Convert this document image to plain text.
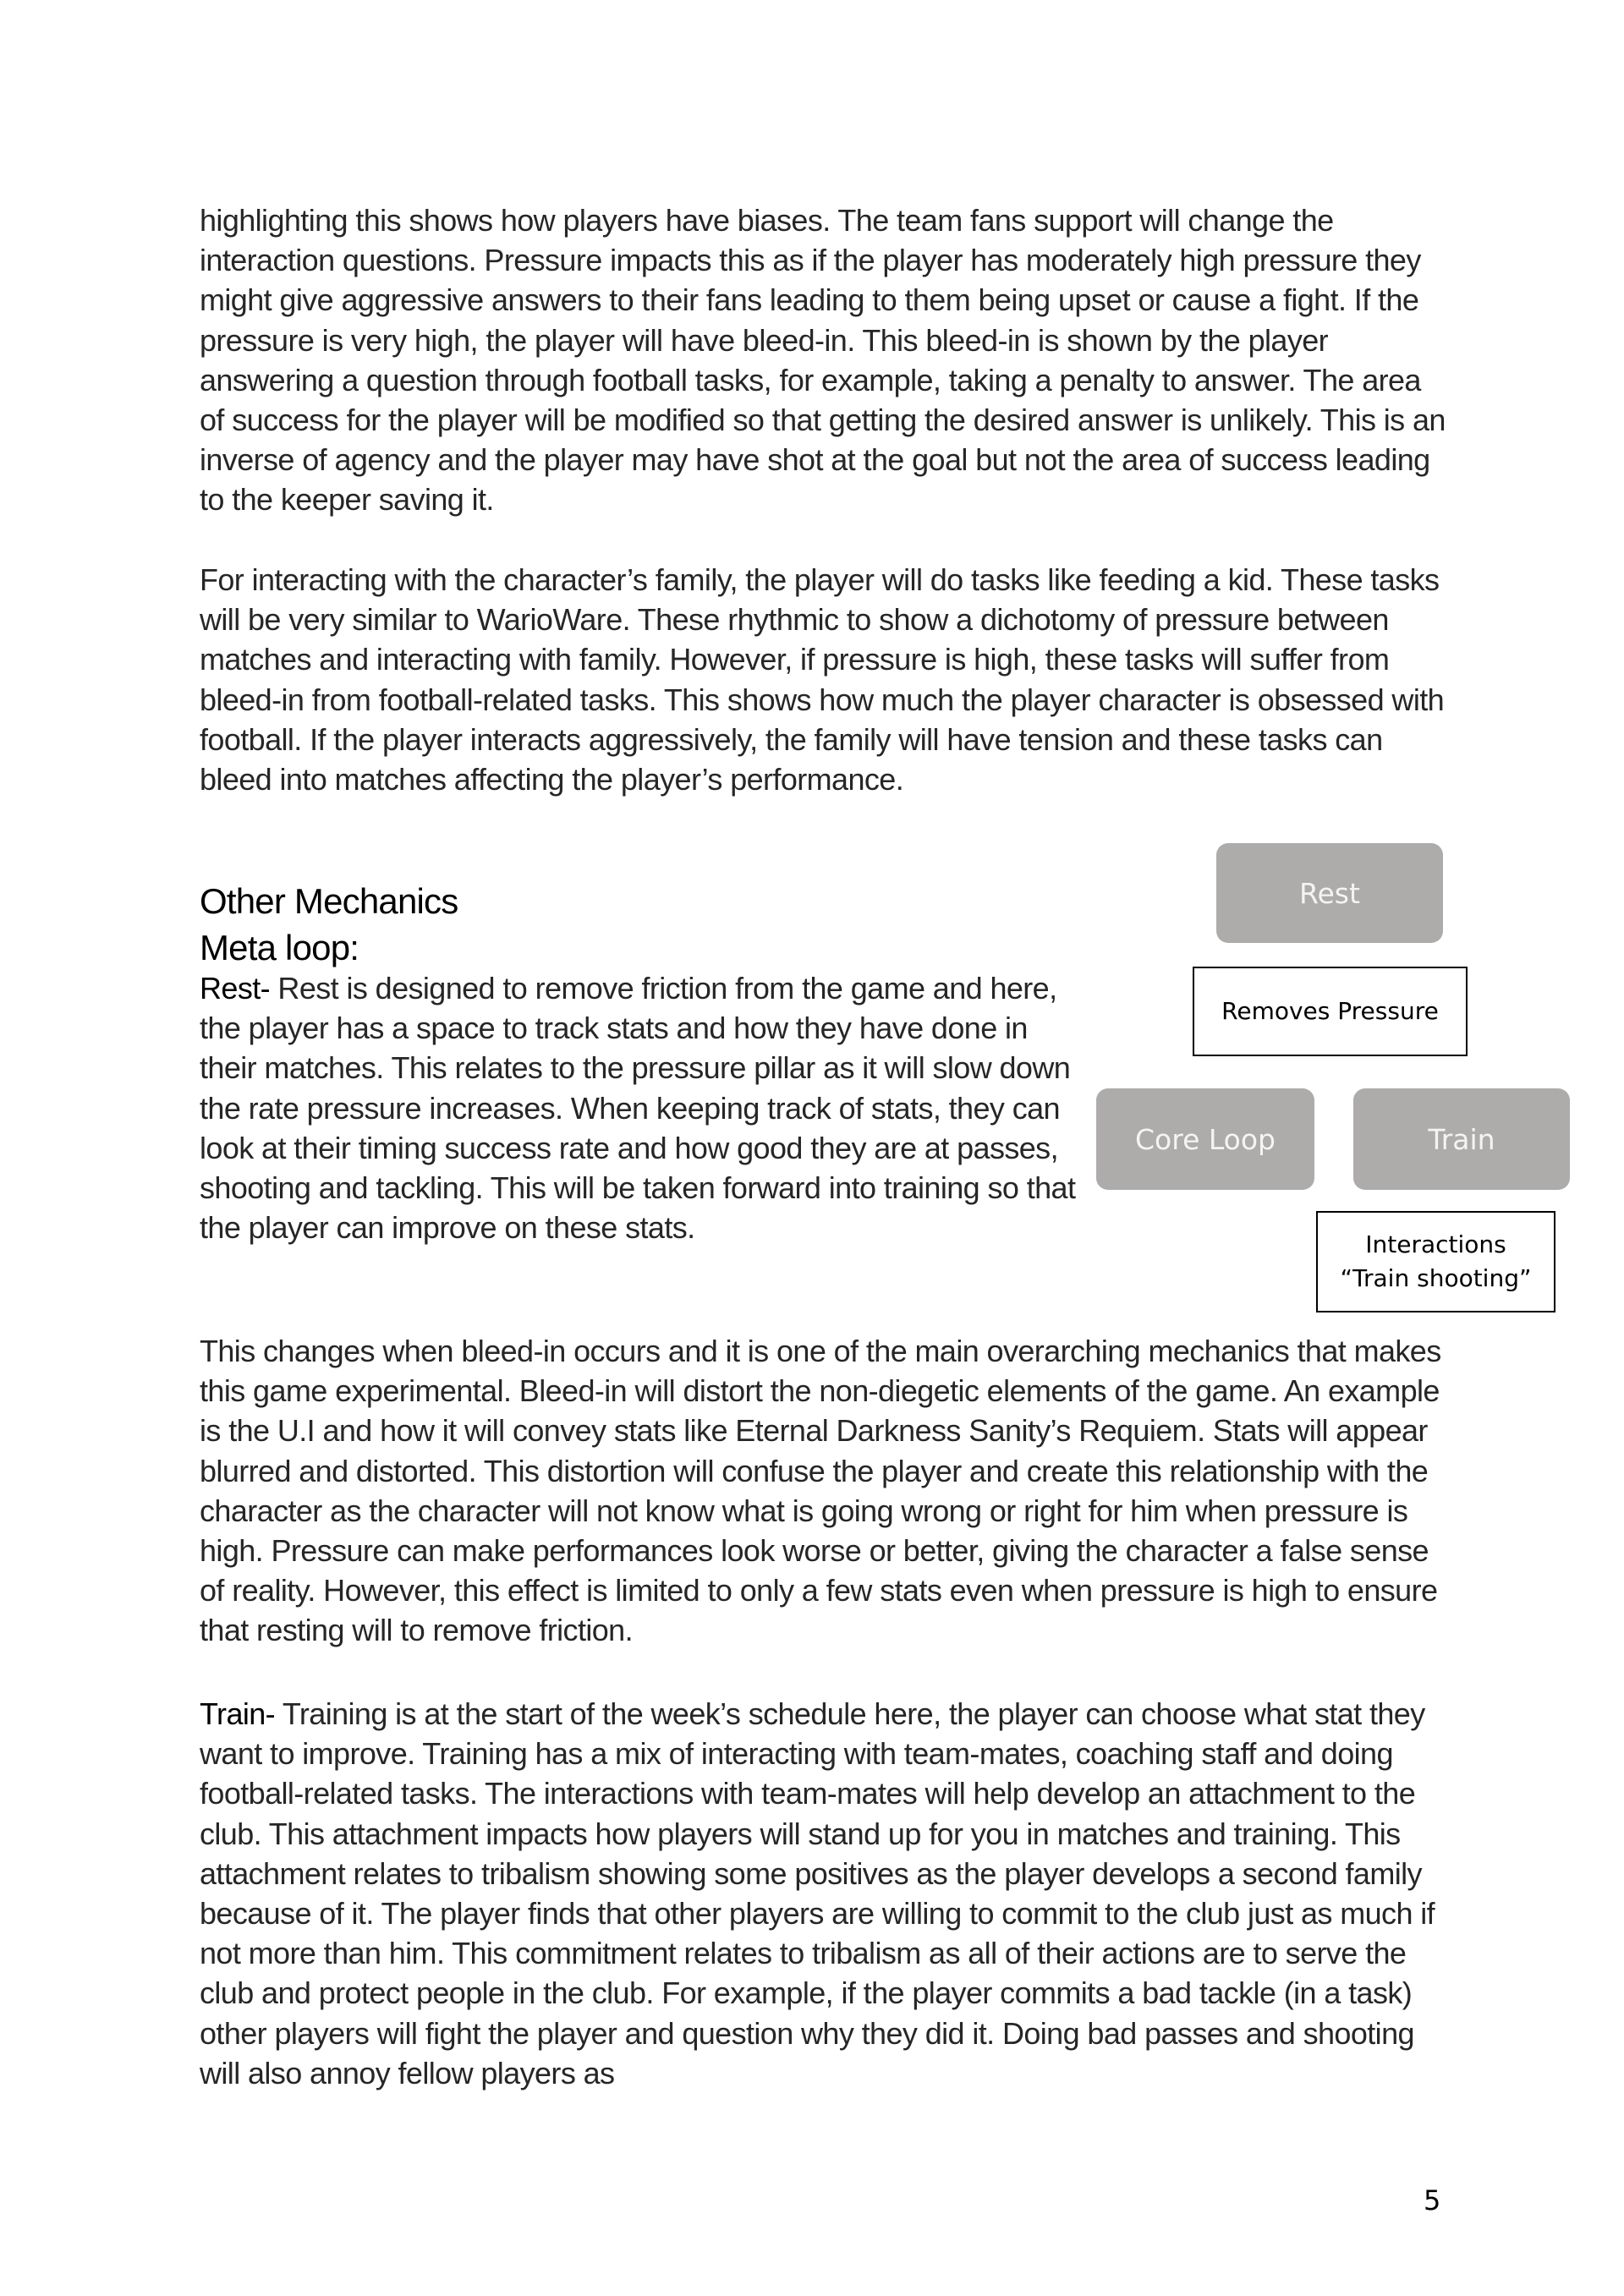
highlighting this shows how players have biases. The team fans support will change the interaction questions. Pressure impacts this as if the player has moderately high pressure they might give aggressive answers to their fans leading to them being upset or cause a fight. If the pressure is very high, the player will have bleed-in. This bleed-in is shown by the player answering a question through football tasks, for example, taking a penalty to answer. The area of success for the player will be modified so that getting the desired answer is unlikely. This is an inverse of agency and the player may have shot at the goal but not the area of success leading to the keeper saving it.

For interacting with the character’s family, the player will do tasks like feeding a kid. These tasks will be very similar to WarioWare. These rhythmic to show a dichotomy of pressure between matches and interacting with family. However, if pressure is high, these tasks will suffer from bleed-in from football-related tasks. This shows how much the player character is obsessed with football. If the player interacts aggressively, the family will have tension and these tasks can bleed into matches affecting the player’s performance.

Other Mechanics
Meta loop:

Rest- Rest is designed to remove friction from the game and here, the player has a space to track stats and how they have done in their matches. This relates to the pressure pillar as it will slow down the rate pressure increases. When keeping track of stats, they can look at their timing success rate and how good they are at passes, shooting and tackling. This will be taken forward into training so that the player can improve on these stats.

Rest
Removes Pressure
Core Loop	Train
Interactions
“Train shooting”

This changes when bleed-in occurs and it is one of the main overarching mechanics that makes this game experimental. Bleed-in will distort the non-diegetic elements of the game. An example is the U.I and how it will convey stats like Eternal Darkness Sanity’s Requiem. Stats will appear blurred and distorted. This distortion will confuse the player and create this relationship with the character as the character will not know what is going wrong or right for him when pressure is high. Pressure can make performances look worse or better, giving the character a false sense of reality. However, this effect is limited to only a few stats even when pressure is high to ensure that resting will to remove friction.

Train- Training is at the start of the week’s schedule here, the player can choose what stat they want to improve. Training has a mix of interacting with team-mates, coaching staff and doing football-related tasks. The interactions with team-mates will help develop an attachment to the club. This attachment impacts how players will stand up for you in matches and training. This attachment relates to tribalism showing some positives as the player develops a second family because of it. The player finds that other players are willing to commit to the club just as much if not more than him. This commitment relates to tribalism as all of their actions are to serve the club and protect people in the club. For example, if the player commits a bad tackle (in a task) other players will fight the player and question why they did it. Doing bad passes and shooting will also annoy fellow players as

5
